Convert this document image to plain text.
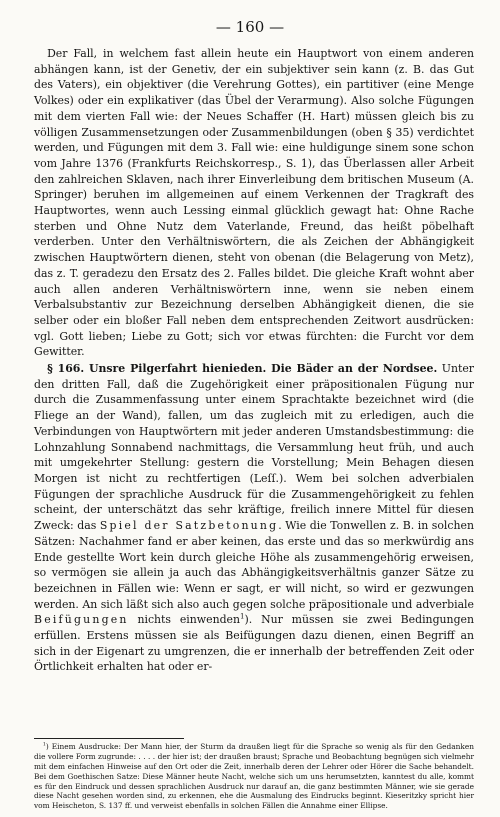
— 160 —

Der Fall, in welchem fast allein heute ein Hauptwort von einem anderen abhängen kann, ist der Genetiv, der ein subjektiver sein kann (z. B. das Gut des Vaters), ein objektiver (die Verehrung Gottes), ein partitiver (eine Menge Volkes) oder ein explikativer (das Übel der Verarmung). Also solche Fügungen mit dem vierten Fall wie: der Neues Schaffer (H. Hart) müssen gleich bis zu völligen Zusammensetzungen oder Zusammenbildungen (oben § 35) verdichtet werden, und Fügungen mit dem 3. Fall wie: eine huldigunge sinem sone schon vom Jahre 1376 (Frankfurts Reichskorresp., S. 1), das Überlassen aller Arbeit den zahlreichen Sklaven, nach ihrer Einverleibung dem britischen Museum (A. Springer) beruhen im allgemeinen auf einem Verkennen der Tragkraft des Hauptwortes, wenn auch Lessing einmal glücklich gewagt hat: Ohne Rache sterben und Ohne Nutz dem Vaterlande, Freund, das heißt pöbelhaft verderben. Unter den Verhältniswörtern, die als Zeichen der Abhängigkeit zwischen Hauptwörtern dienen, steht von obenan (die Belagerung von Metz), das z. T. geradezu den Ersatz des 2. Falles bildet. Die gleiche Kraft wohnt aber auch allen anderen Verhältniswörtern inne, wenn sie neben einem Verbalsubstantiv zur Bezeichnung derselben Abhängigkeit dienen, die sie selber oder ein bloßer Fall neben dem entsprechenden Zeitwort ausdrücken: vgl. Gott lieben; Liebe zu Gott; sich vor etwas fürchten: die Furcht vor dem Gewitter.

§ 166. Unsre Pilgerfahrt hienieden. Die Bäder an der Nordsee. Unter den dritten Fall, daß die Zugehörigkeit einer präpositionalen Fügung nur durch die Zusammenfassung unter einem Sprachtakte bezeichnet wird (die Fliege an der Wand), fallen, um das zugleich mit zu erledigen, auch die Verbindungen von Hauptwörtern mit jeder anderen Umstandsbestimmung: die Lohnzahlung Sonnabend nachmittags, die Versammlung heut früh, und auch mit umgekehrter Stellung: gestern die Vorstellung; Mein Behagen diesen Morgen ist nicht zu rechtfertigen (Leſſ.). Wem bei solchen adverbialen Fügungen der sprachliche Ausdruck für die Zusammengehörigkeit zu fehlen scheint, der unterschätzt das sehr kräftige, freilich innere Mittel für diesen Zweck: das Spiel der Satzbetonung. Wie die Tonwellen z. B. in solchen Sätzen: Nachahmer fand er aber keinen, das erste und das so merkwürdig ans Ende gestellte Wort kein durch gleiche Höhe als zusammengehörig erweisen, so vermögen sie allein ja auch das Abhängigkeitsverhältnis ganzer Sätze zu bezeichnen in Fällen wie: Wenn er sagt, er will nicht, so wird er gezwungen werden. An sich läßt sich also auch gegen solche präpositionale und adverbiale Beifügungen nichts einwenden$^1$). Nur müssen sie zwei Bedingungen erfüllen. Erstens müssen sie als Beifügungen dazu dienen, einen Begriff an sich in der Eigenart zu umgrenzen, die er innerhalb der betreffenden Zeit oder Örtlichkeit erhalten hat oder er-

$^1$) Einem Ausdrucke: Der Mann hier, der Sturm da draußen liegt für die Sprache so wenig als für den Gedanken die vollere Form zugrunde: . . . . der hier ist; der draußen braust; Sprache und Beobachtung begnügen sich vielmehr mit dem einfachen Hinweise auf den Ort oder die Zeit, innerhalb deren der Lehrer oder Hörer die Sache behandelt. Bei dem Goethischen Satze: Diese Männer heute Nacht, welche sich um uns herumsetzten, kanntest du alle, kommt es für den Eindruck und dessen sprachlichen Ausdruck nur darauf an, die ganz bestimmten Männer, wie sie gerade diese Nacht gesehen worden sind, zu erkennen, ehe die Ausmalung des Eindrucks beginnt. Kieseritzky spricht hier vom Heischeton, S. 137 ff. und verweist ebenfalls in solchen Fällen die Annahme einer Ellipse.
